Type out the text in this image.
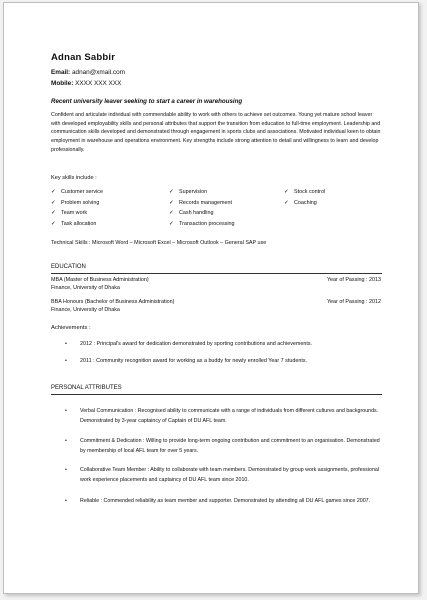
Adnan Sabbir
Email: adnan@xmail.com
Mobile: XXXX XXX XXX
Recent university leaver seeking to start a career in warehousing
Confident and articulate individual with commendable ability to work with others to achieve set outcomes. Young yet mature school leaver with developed employability skills and personal attributes that support the transition from education to full-time employment. Leadership and communication skills developed and demonstrated through engagement in sports clubs and associations. Motivated individual keen to obtain employment in warehouse and operations environment. Key strengths include strong attention to detail and willingness to learn and develop professionally.
Key skills include :
✓ Customer service
✓ Problem solving
✓ Team work
✓ Task allocation
✓ Supervision
✓ Records management
✓ Cash handling
✓ Transaction processing
✓ Stock control
✓ Coaching
Technical Skills : Microsoft Word – Microsoft Excel – Microsoft Outlook – General SAP use
EDUCATION
MBA (Master of Business Administration)
Finance, University of Dhaka
Year of Passing : 2013
BBA Honours (Bachelor of Business Administration)
Finance, University of Dhaka
Year of Passing : 2012
Achievements :
• 2012 : Principal's award for dedication demonstrated by sporting contributions and achievements.
• 2011 : Community recognition award for working as a buddy for newly enrolled Year 7 students.
PERSONAL ATTRIBUTES
• Verbal Communication : Recognised ability to communicate with a range of individuals from different cultures and backgrounds. Demonstrated by 3-year captaincy of Captain of DU AFL team.
• Commitment & Dedication : Willing to provide long-term ongoing contribution and commitment to an organisation. Demonstrated by membership of local AFL team for over 5 years.
• Collaborative Team Member : Ability to collaborate with team members. Demonstrated by group work assignments, professional work experience placements and captaincy of DU AFL team since 2010.
• Reliable : Commended reliability as team member and supporter. Demonstrated by attending all DU AFL games since 2007.
